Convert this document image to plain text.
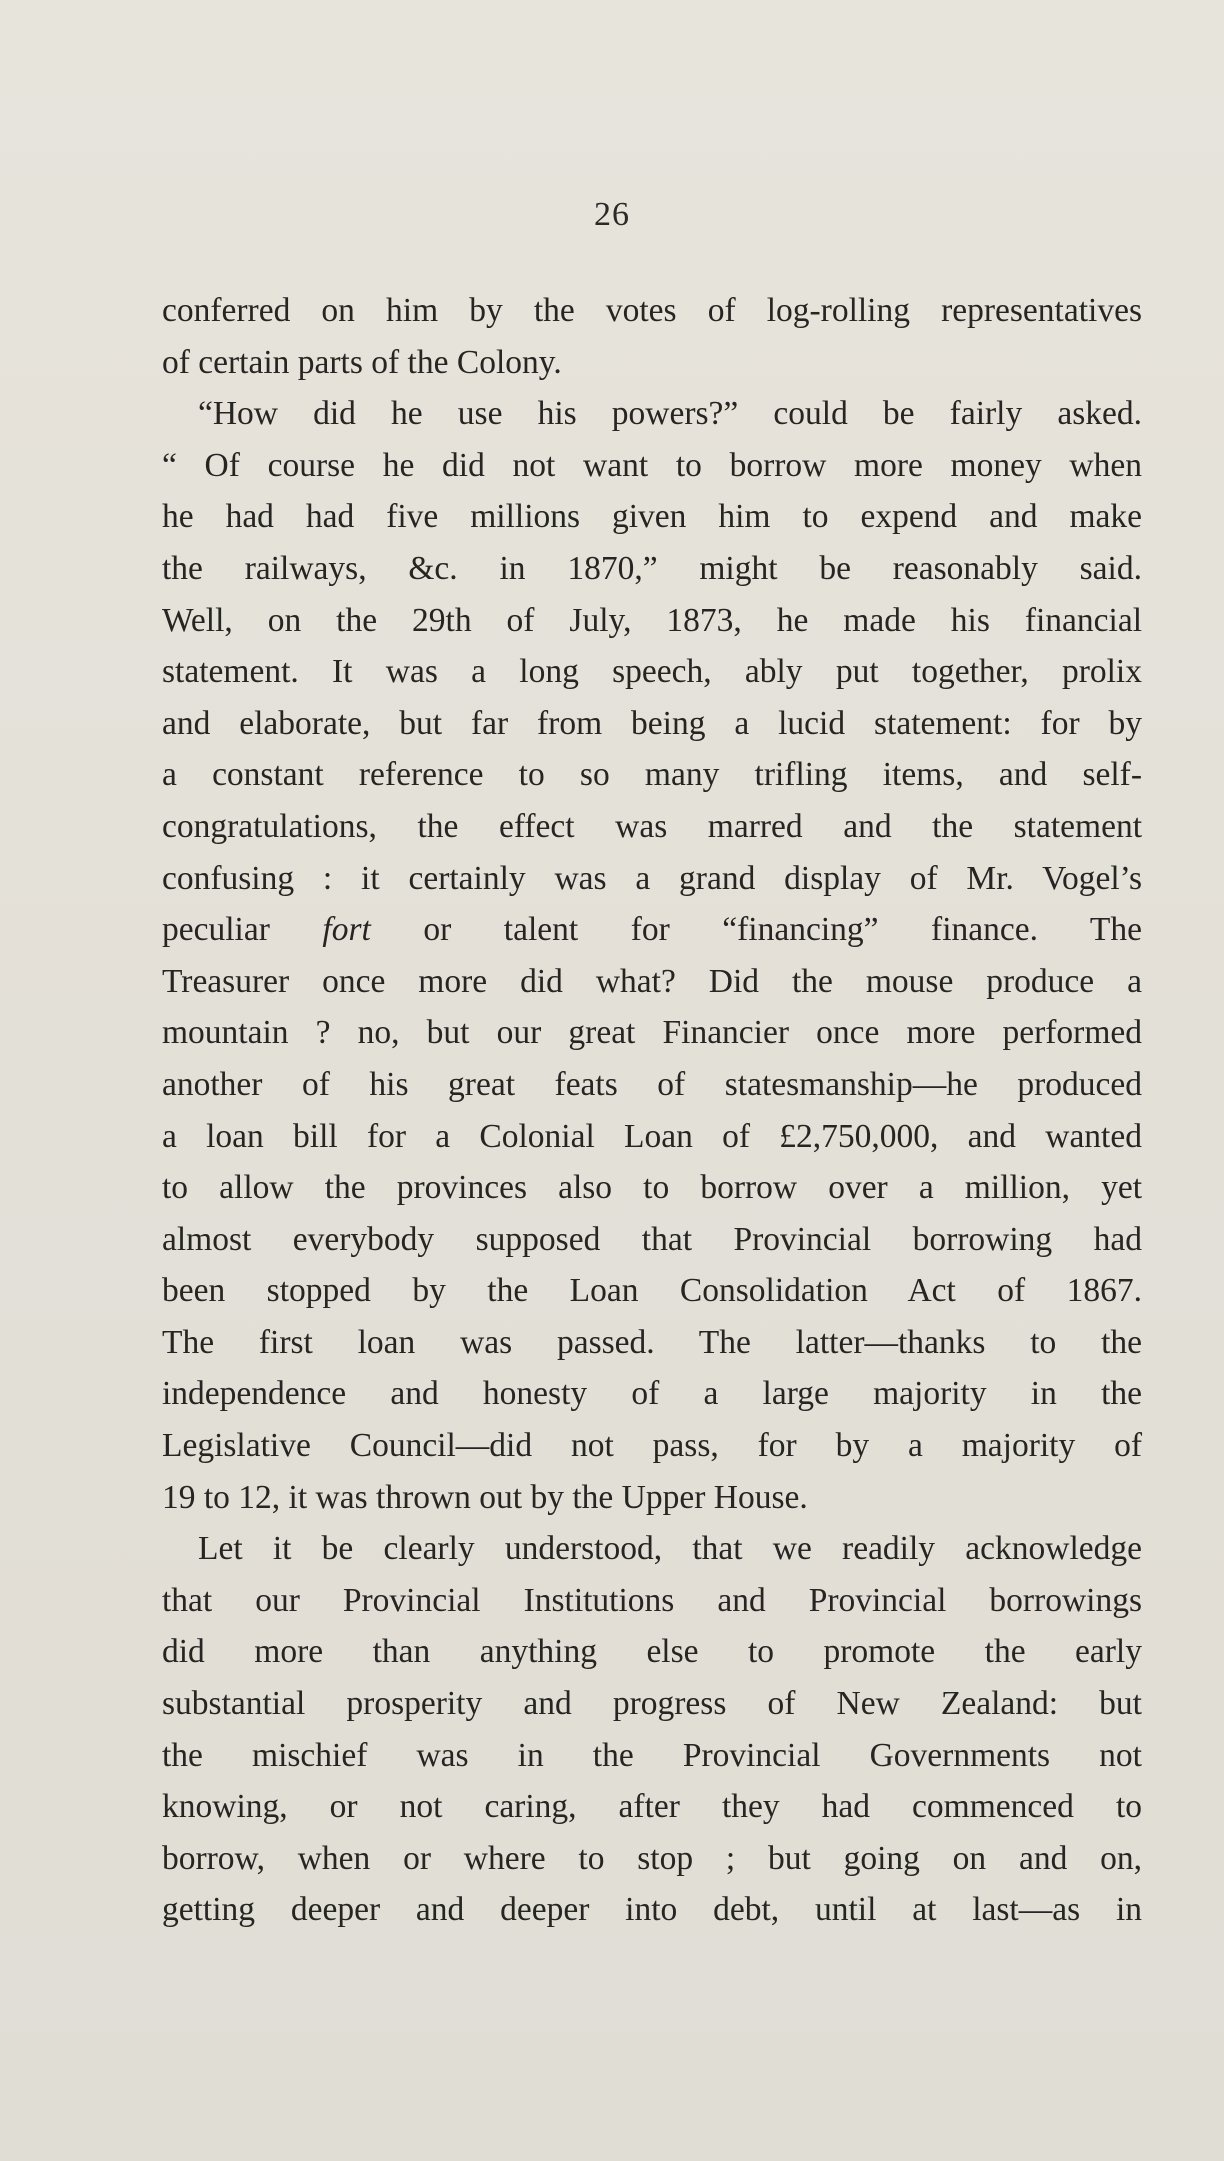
26
conferred on him by the votes of log-rolling representatives
of certain parts of the Colony.
“How did he use his powers?” could be fairly asked.
“ Of course he did not want to borrow more money when
he had had five millions given him to expend and make
the railways, &c. in 1870,” might be reasonably said.
Well, on the 29th of July, 1873, he made his financial
statement. It was a long speech, ably put together, prolix
and elaborate, but far from being a lucid statement: for by
a constant reference to so many trifling items, and self-
congratulations, the effect was marred and the statement
confusing : it certainly was a grand display of Mr. Vogel’s
peculiar fort or talent for “financing” finance. The
Treasurer once more did what? Did the mouse produce a
mountain ? no, but our great Financier once more performed
another of his great feats of statesmanship—he produced
a loan bill for a Colonial Loan of £2,750,000, and wanted
to allow the provinces also to borrow over a million, yet
almost everybody supposed that Provincial borrowing had
been stopped by the Loan Consolidation Act of 1867.
The first loan was passed. The latter—thanks to the
independence and honesty of a large majority in the
Legislative Council—did not pass, for by a majority of
19 to 12, it was thrown out by the Upper House.
Let it be clearly understood, that we readily acknowledge
that our Provincial Institutions and Provincial borrowings
did more than anything else to promote the early
substantial prosperity and progress of New Zealand: but
the mischief was in the Provincial Governments not
knowing, or not caring, after they had commenced to
borrow, when or where to stop ; but going on and on,
getting deeper and deeper into debt, until at last—as in
